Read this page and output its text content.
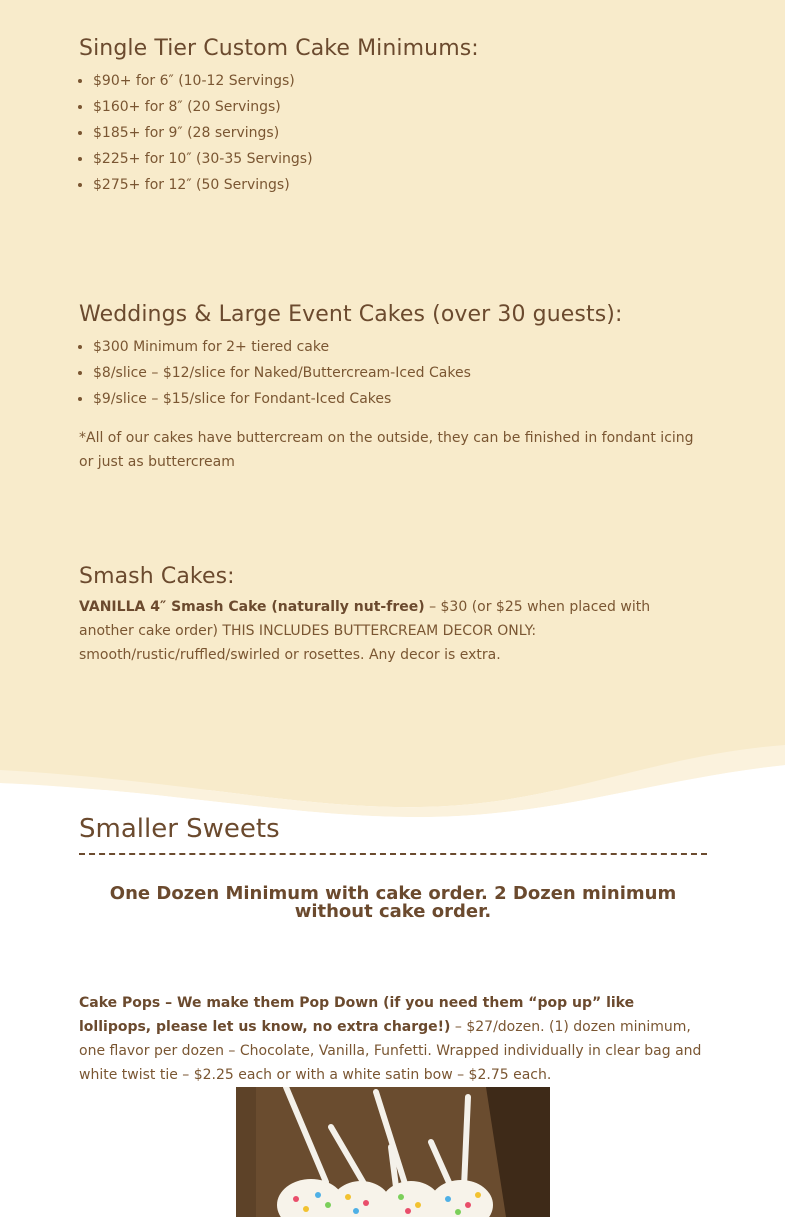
Single Tier Custom Cake Minimums:
• $90+ for 6″ (10-12 Servings)
• $160+ for 8″ (20 Servings)
• $185+ for 9″ (28 servings)
• $225+ for 10″ (30-35 Servings)
• $275+ for 12″ (50 Servings)
Weddings & Large Event Cakes (over 30 guests):
• $300 Minimum for 2+ tiered cake
• $8/slice – $12/slice for Naked/Buttercream-Iced Cakes
• $9/slice – $15/slice for Fondant-Iced Cakes

*All of our cakes have buttercream on the outside, they can be finished in fondant icing or just as buttercream

Smash Cakes:

VANILLA 4″ Smash Cake (naturally nut-free) – $30 (or $25 when placed with another cake order) THIS INCLUDES BUTTERCREAM DECOR ONLY: smooth/rustic/ruffled/swirled or rosettes. Any decor is extra.

Smaller Sweets
One Dozen Minimum with cake order. 2 Dozen minimum without cake order.

Cake Pops – We make them Pop Down (if you need them “pop up” like lollipops, please let us know, no extra charge!) – $27/dozen. (1) dozen minimum, one flavor per dozen – Chocolate, Vanilla, Funfetti. Wrapped individually in clear bag and white twist tie – $2.25 each or with a white satin bow – $2.75 each.
